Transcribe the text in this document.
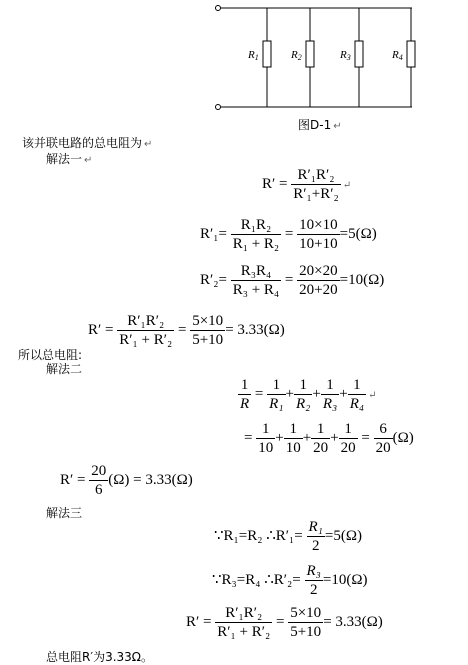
R1	R2	R3	R4
图D-1 ↵
该并联电路的总电阻为 ↵
解法一 ↵
$R' = \frac{\text{R′₁R′₂}}{\text{R′₁+R′₂}}$ ↵
$R'_1= \frac{\text{R₁R₂}}{\text{R₁ + R₂}} = \frac{10\times 10}{10+10} =5(\Omega)$
$R'_2= \frac{\text{R₃R₄}}{\text{R₃ + R₄}} = \frac{20\times 20}{20+20} =10(\Omega)$
$R' = \frac{\text{R′₁R′₂}}{\text{R′₁ + R′₂}} = \frac{5\times 10}{5+10} = 3.33(\Omega)$
所以总电阻:
解法二
$\frac{1}{R} = \frac{1}{\text{R₁}} + \frac{1}{\text{R₂}} + \frac{1}{\text{R₃}} + \frac{1}{\text{R₄}}$ ↵
= $\frac{1}{10} + \frac{1}{10} + \frac{1}{20} + \frac{1}{20} = \frac{6}{20} (\Omega)$
$R' = \frac{20}{6} (\Omega) = 3.33(\Omega)$
解法三
∵R₁=R₂ ∴R′₁= $\frac{\text{R₁}}{2} =5(\Omega)$
∵R₃=R₄ ∴R′₂= $\frac{\text{R₃}}{2} =10(\Omega)$
$R' = \frac{\text{R′₁R′₂}}{\text{R′₁ + R′₂}} = \frac{5\times 10}{5+10} = 3.33(\Omega)$
总电阻R′为3.33Ω。
